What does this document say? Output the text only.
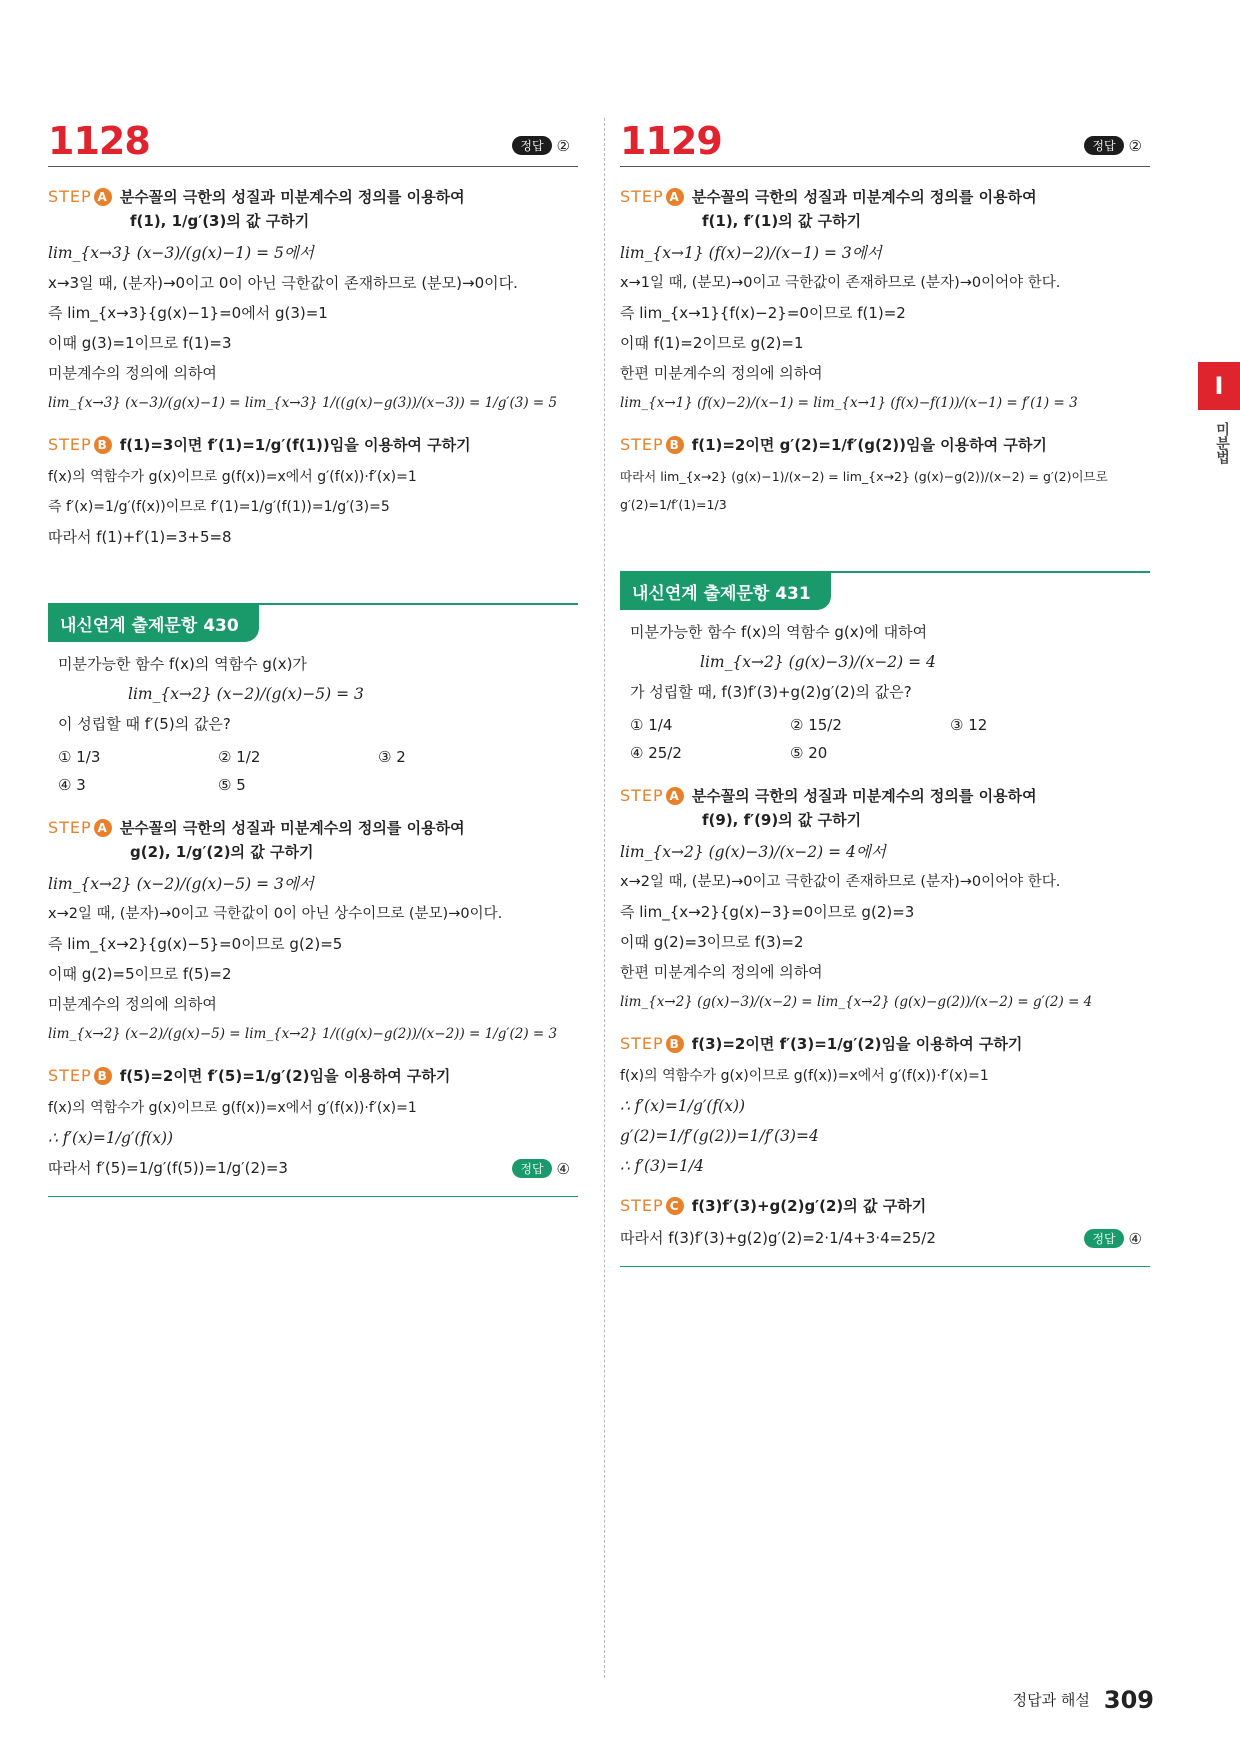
1128	정답 ②
STEP A 분수꼴의 극한의 성질과 미분계수의 정의를 이용하여
f(1), 1/g′(3)의 값 구하기
lim_{x→3} (x−3)/(g(x)−1) = 5에서
x→3일 때, (분자)→0이고 0이 아닌 극한값이 존재하므로 (분모)→0이다.
즉 lim_{x→3}{g(x)−1}=0에서 g(3)=1
이때 g(3)=1이므로 f(1)=3
미분계수의 정의에 의하여
lim_{x→3} (x−3)/(g(x)−1) = lim_{x→3} 1/((g(x)−g(3))/(x−3)) = 1/g′(3) = 5
STEP B f(1)=3이면 f′(1)=1/g′(f(1))임을 이용하여 구하기
f(x)의 역함수가 g(x)이므로 g(f(x))=x에서 g′(f(x))·f′(x)=1
즉 f′(x)=1/g′(f(x))이므로 f′(1)=1/g′(f(1))=1/g′(3)=5
따라서 f(1)+f′(1)=3+5=8
내신연계 출제문항 430
미분가능한 함수 f(x)의 역함수 g(x)가
lim_{x→2} (x−2)/(g(x)−5) = 3
이 성립할 때 f′(5)의 값은?
① 1/3	② 1/2	③ 2
④ 3	⑤ 5
STEP A 분수꼴의 극한의 성질과 미분계수의 정의를 이용하여
g(2), 1/g′(2)의 값 구하기
lim_{x→2} (x−2)/(g(x)−5) = 3에서
x→2일 때, (분자)→0이고 극한값이 0이 아닌 상수이므로 (분모)→0이다.
즉 lim_{x→2}{g(x)−5}=0이므로 g(2)=5
이때 g(2)=5이므로 f(5)=2
미분계수의 정의에 의하여
lim_{x→2} (x−2)/(g(x)−5) = lim_{x→2} 1/((g(x)−g(2))/(x−2)) = 1/g′(2) = 3
STEP B f(5)=2이면 f′(5)=1/g′(2)임을 이용하여 구하기
f(x)의 역함수가 g(x)이므로 g(f(x))=x에서 g′(f(x))·f′(x)=1
∴ f′(x)=1/g′(f(x))
따라서 f′(5)=1/g′(f(5))=1/g′(2)=3	정답 ④
1129	정답 ②
STEP A 분수꼴의 극한의 성질과 미분계수의 정의를 이용하여
f(1), f′(1)의 값 구하기
lim_{x→1} (f(x)−2)/(x−1) = 3에서
x→1일 때, (분모)→0이고 극한값이 존재하므로 (분자)→0이어야 한다.
즉 lim_{x→1}{f(x)−2}=0이므로 f(1)=2
이때 f(1)=2이므로 g(2)=1
한편 미분계수의 정의에 의하여
lim_{x→1} (f(x)−2)/(x−1) = lim_{x→1} (f(x)−f(1))/(x−1) = f′(1) = 3
STEP B f(1)=2이면 g′(2)=1/f′(g(2))임을 이용하여 구하기
따라서 lim_{x→2} (g(x)−1)/(x−2) = lim_{x→2} (g(x)−g(2))/(x−2) = g′(2)이므로 g′(2)=1/f′(1)=1/3
내신연계 출제문항 431
미분가능한 함수 f(x)의 역함수 g(x)에 대하여
lim_{x→2} (g(x)−3)/(x−2) = 4
가 성립할 때, f(3)f′(3)+g(2)g′(2)의 값은?
① 1/4	② 15/2	③ 12
④ 25/2	⑤ 20
STEP A 분수꼴의 극한의 성질과 미분계수의 정의를 이용하여
f(9), f′(9)의 값 구하기
lim_{x→2} (g(x)−3)/(x−2) = 4에서
x→2일 때, (분모)→0이고 극한값이 존재하므로 (분자)→0이어야 한다.
즉 lim_{x→2}{g(x)−3}=0이므로 g(2)=3
이때 g(2)=3이므로 f(3)=2
한편 미분계수의 정의에 의하여
lim_{x→2} (g(x)−3)/(x−2) = lim_{x→2} (g(x)−g(2))/(x−2) = g′(2) = 4
STEP B f(3)=2이면 f′(3)=1/g′(2)임을 이용하여 구하기
f(x)의 역함수가 g(x)이므로 g(f(x))=x에서 g′(f(x))·f′(x)=1
∴ f′(x)=1/g′(f(x))
g′(2)=1/f′(g(2))=1/f′(3)=4
∴ f′(3)=1/4
STEP C f(3)f′(3)+g(2)g′(2)의 값 구하기
따라서 f(3)f′(3)+g(2)g′(2)=2·1/4+3·4=25/2	정답 ④
I
미분법
정답과 해설 309
